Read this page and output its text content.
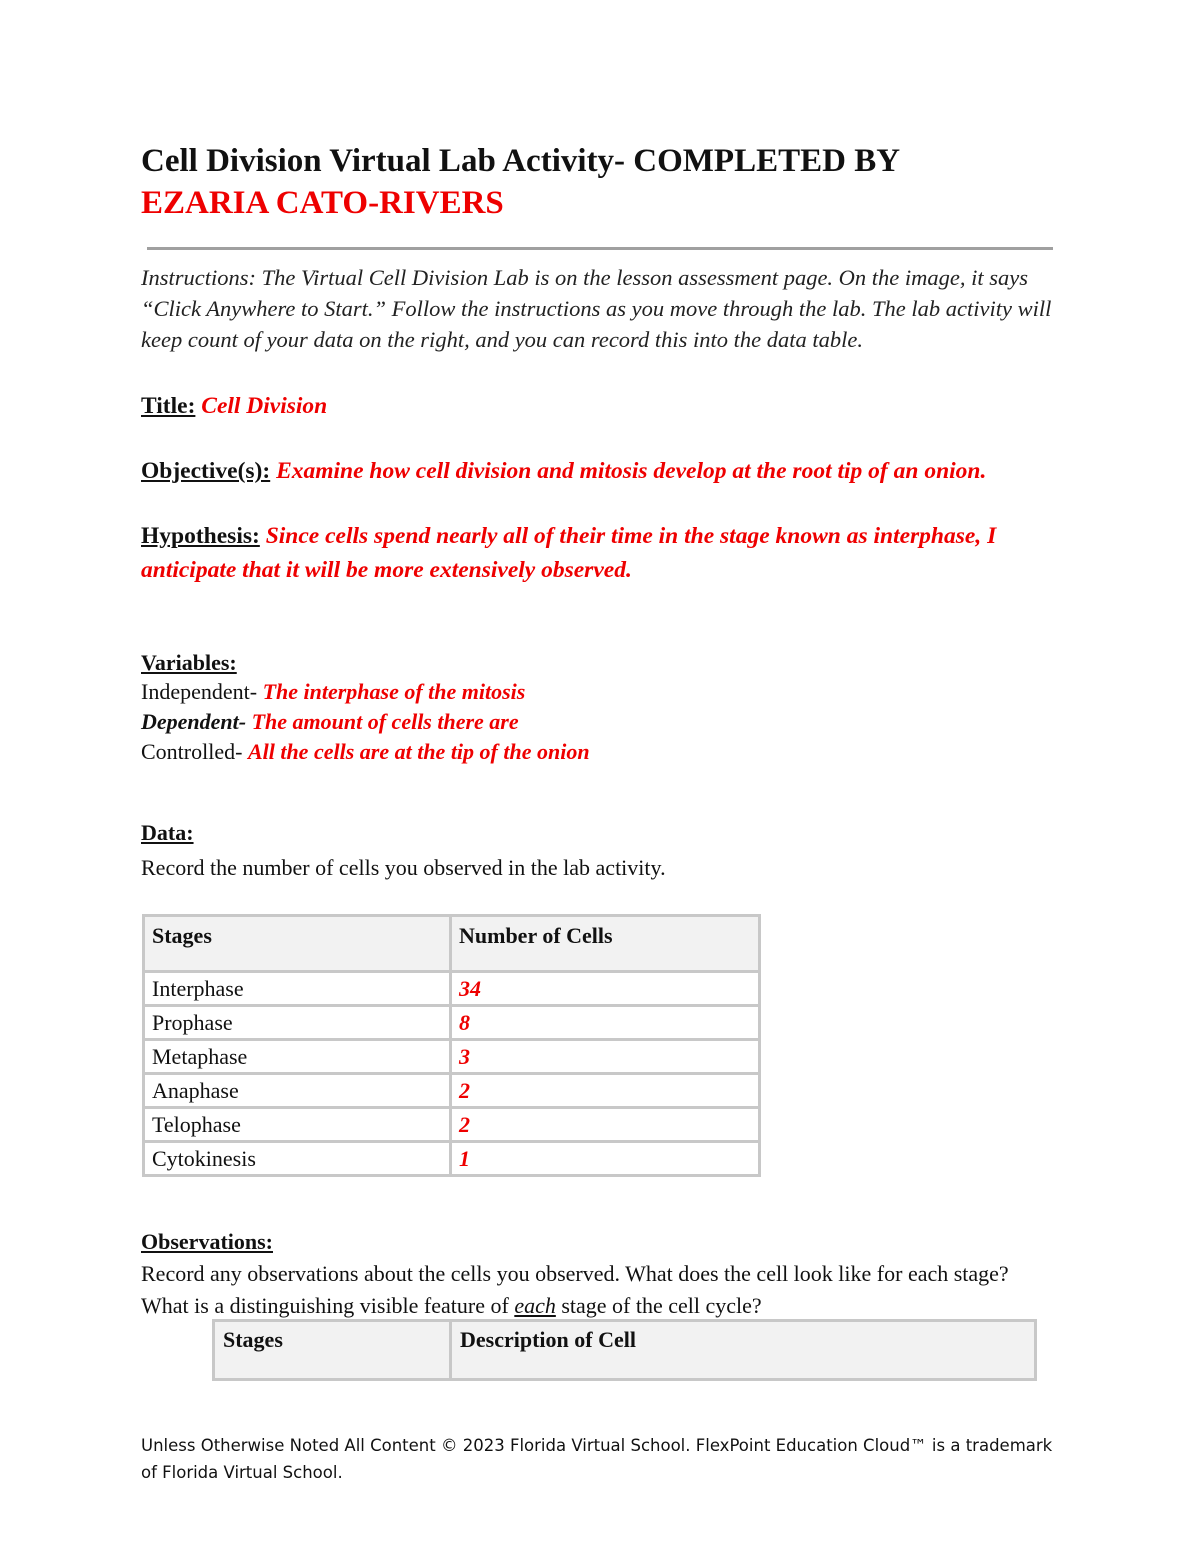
Cell Division Virtual Lab Activity- COMPLETED BY
EZARIA CATO-RIVERS

Instructions: The Virtual Cell Division Lab is on the lesson assessment page. On the image, it says “Click Anywhere to Start.” Follow the instructions as you move through the lab. The lab activity will keep count of your data on the right, and you can record this into the data table.

Title: Cell Division

Objective(s): Examine how cell division and mitosis develop at the root tip of an onion.

Hypothesis: Since cells spend nearly all of their time in the stage known as interphase, I anticipate that it will be more extensively observed.

Variables:
Independent- The interphase of the mitosis
Dependent- The amount of cells there are
Controlled- All the cells are at the tip of the onion
Data:
Record the number of cells you observed in the lab activity.
Stages	Number of Cells
Interphase	34
Prophase	8
Metaphase	3
Anaphase	2
Telophase	2
Cytokinesis	1
Observations:

Record any observations about the cells you observed. What does the cell look like for each stage? What is a distinguishing visible feature of each stage of the cell cycle?

Stages	Description of Cell

Unless Otherwise Noted All Content © 2023 Florida Virtual School. FlexPoint Education Cloud™ is a trademark of Florida Virtual School.
